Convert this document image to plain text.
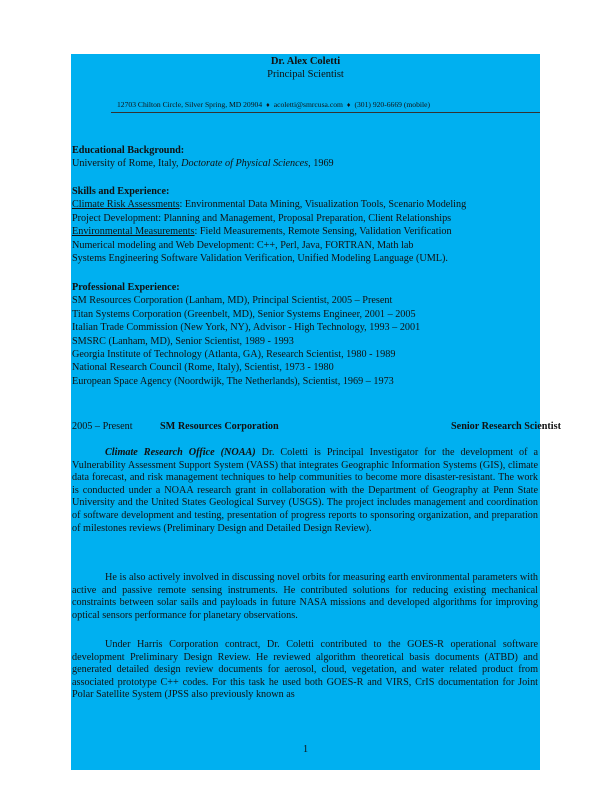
Dr. Alex Coletti
Principal Scientist
12703 Chilton Circle, Silver Spring, MD 20904 ♦ acoletti@smrcusa.com ♦ (301) 920-6669 (mobile)
Educational Background:
University of Rome, Italy, Doctorate of Physical Sciences, 1969
Skills and Experience:
Climate Risk Assessments: Environmental Data Mining, Visualization Tools, Scenario Modeling
Project Development: Planning and Management, Proposal Preparation, Client Relationships
Environmental Measurements: Field Measurements, Remote Sensing, Validation Verification
Numerical modeling and Web Development: C++, Perl, Java, FORTRAN, Math lab
Systems Engineering Software Validation Verification, Unified Modeling Language (UML).
Professional Experience:
SM Resources Corporation (Lanham, MD), Principal Scientist, 2005 – Present
Titan Systems Corporation (Greenbelt, MD), Senior Systems Engineer, 2001 – 2005
Italian Trade Commission (New York, NY), Advisor - High Technology, 1993 – 2001
SMSRC (Lanham, MD), Senior Scientist, 1989 - 1993
Georgia Institute of Technology (Atlanta, GA), Research Scientist, 1980 - 1989
National Research Council (Rome, Italy), Scientist, 1973 - 1980
European Space Agency (Noordwijk, The Netherlands), Scientist, 1969 – 1973
2005 – Present	SM Resources Corporation	Senior Research Scientist
Climate Research Office (NOAA) Dr. Coletti is Principal Investigator for the development of a Vulnerability Assessment Support System (VASS) that integrates Geographic Information Systems (GIS), climate data forecast, and risk management techniques to help communities to become more disaster-resistant. The work is conducted under a NOAA research grant in collaboration with the Department of Geography at Penn State University and the United States Geological Survey (USGS). The project includes management and coordination of software development and testing, presentation of progress reports to sponsoring organization, and preparation of milestones reviews (Preliminary Design and Detailed Design Review).
He is also actively involved in discussing novel orbits for measuring earth environmental parameters with active and passive remote sensing instruments. He contributed solutions for reducing existing mechanical constraints between solar sails and payloads in future NASA missions and developed algorithms for improving optical sensors performance for planetary observations.
Under Harris Corporation contract, Dr. Coletti contributed to the GOES-R operational software development Preliminary Design Review. He reviewed algorithm theoretical basis documents (ATBD) and generated detailed design review documents for aerosol, cloud, vegetation, and water related product from associated prototype C++ codes. For this task he used both GOES-R and VIRS, CrIS documentation for Joint Polar Satellite System (JPSS also previously known as
1
